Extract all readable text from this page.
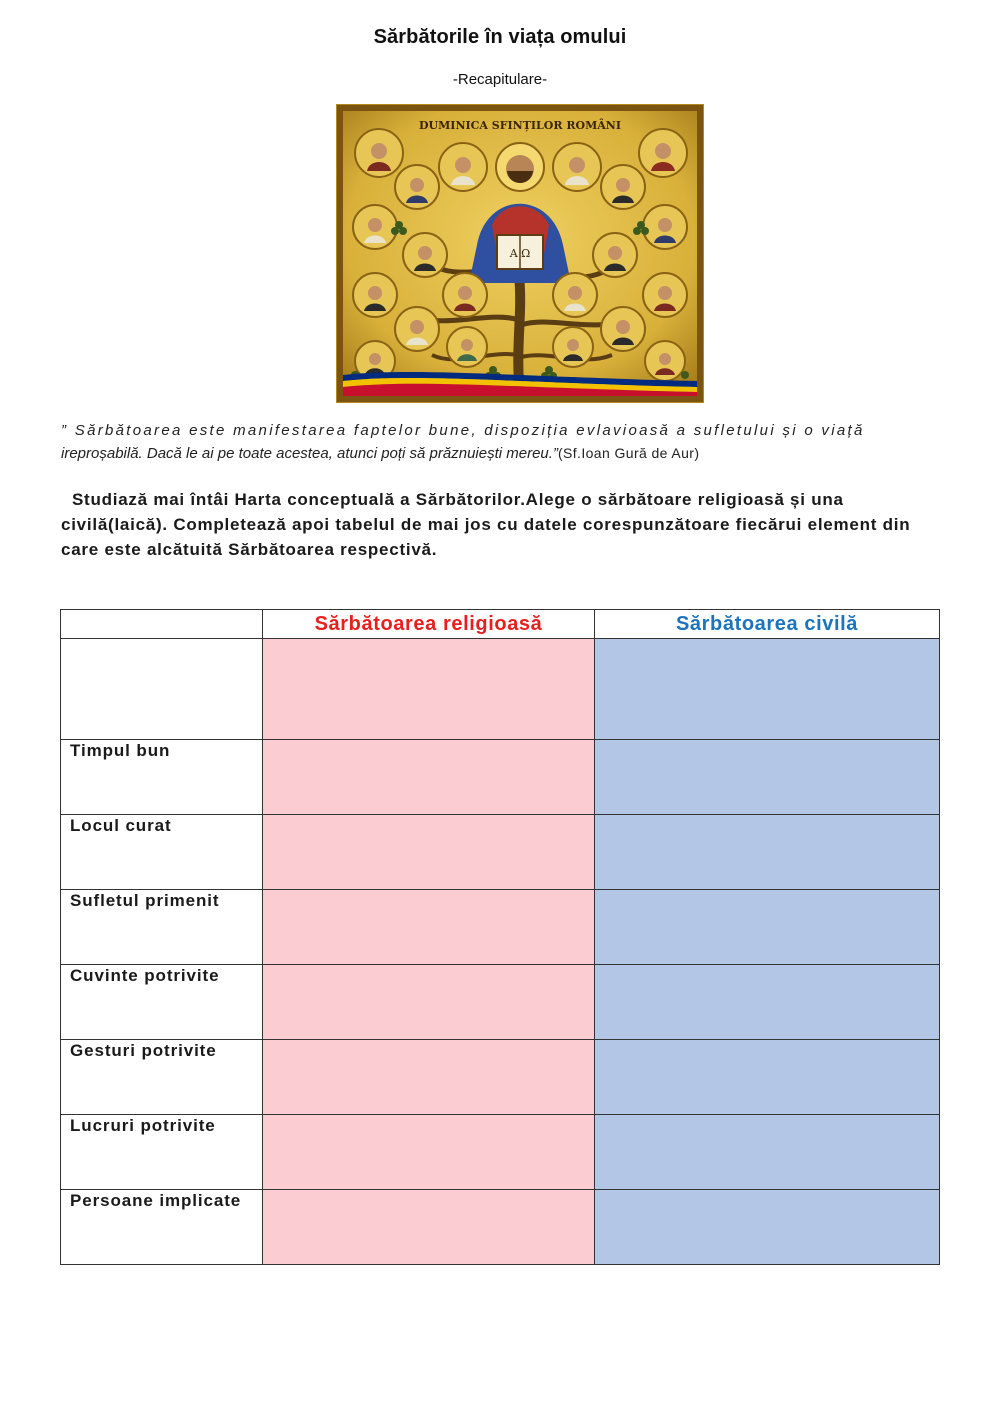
Sărbătorile în viața omului
-Recapitulare-
DUMINICA SFINȚILOR ROMÂNI
A Ω
” Sărbătoarea este manifestarea faptelor bune, dispoziția evlavioasă a sufletului și o viață
ireproșabilă. Dacă le ai pe toate acestea, atunci poți să prăznuiești mereu.”(Sf.Ioan Gură de Aur)
Studiază mai întâi Harta conceptuală a Sărbătorilor.Alege o sărbătoare religioasă și una civilă(laică). Completează apoi tabelul de mai jos cu datele corespunzătoare fiecărui element din care este alcătuită Sărbătoarea respectivă.
	Sărbătoarea religioasă	Sărbătoarea civilă

Timpul bun		
Locul curat		
Sufletul primenit		
Cuvinte potrivite		
Gesturi potrivite		
Lucruri potrivite		
Persoane implicate		
